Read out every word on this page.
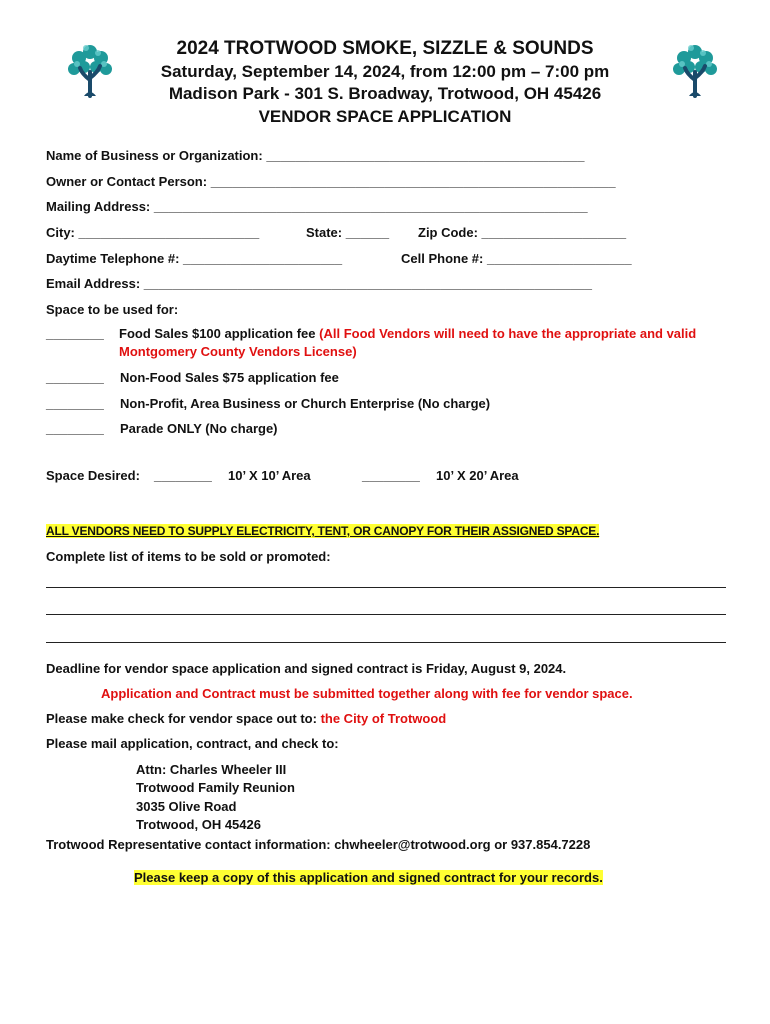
2024 TROTWOOD SMOKE, SIZZLE & SOUNDS
Saturday, September 14, 2024, from 12:00 pm – 7:00 pm
Madison Park - 301 S. Broadway, Trotwood, OH 45426
VENDOR SPACE APPLICATION
Name of Business or Organization: ____________________________________________
Owner or Contact Person: ________________________________________________________
Mailing Address: ____________________________________________________________
City: _________________________	State: ______ Zip Code: ____________________
Daytime Telephone #: ______________________	Cell Phone #: ____________________
Email Address: ______________________________________________________________
Space to be used for:
________ Food Sales $100 application fee (All Food Vendors will need to have the appropriate and valid
Montgomery County Vendors License)
________ Non-Food Sales $75 application fee
________ Non-Profit, Area Business or Church Enterprise (No charge)
________ Parade ONLY (No charge)
Space Desired: ________ 10’ X 10’ Area	________ 10’ X 20’ Area
ALL VENDORS NEED TO SUPPLY ELECTRICITY, TENT, OR CANOPY FOR THEIR ASSIGNED SPACE.
Complete list of items to be sold or promoted:
Deadline for vendor space application and signed contract is Friday, August 9, 2024.
Application and Contract must be submitted together along with fee for vendor space.
Please make check for vendor space out to: the City of Trotwood
Please mail application, contract, and check to:
Attn: Charles Wheeler III
Trotwood Family Reunion
3035 Olive Road
Trotwood, OH 45426
Trotwood Representative contact information: chwheeler@trotwood.org or 937.854.7228
Please keep a copy of this application and signed contract for your records.
